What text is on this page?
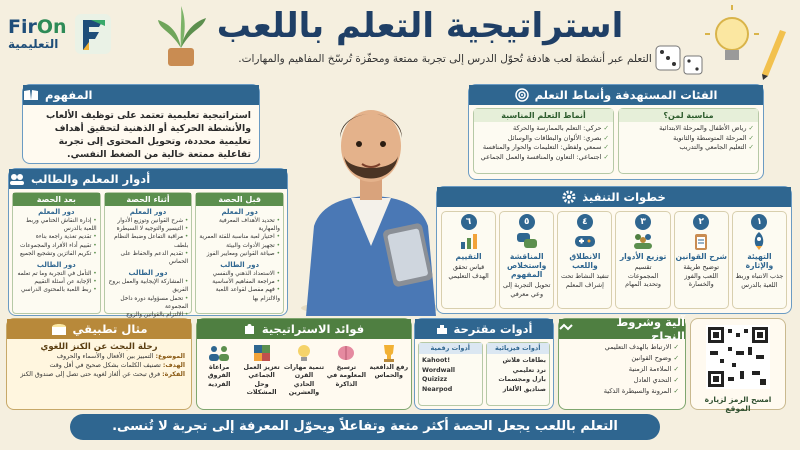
FirOn
التعليمية	استراتيجية التعلم باللعب
التعلم عبر أنشطة لعب هادفة تُحوّل الدرس إلى تجربة ممتعة ومحفّزة تُرسّخ المفاهيم والمهارات.
المفهوم
استراتيجية تعليمية تعتمد على توظيف الألعاب والأنشطة الحركية أو الذهنية لتحقيق أهداف تعليمية محددة، وتحويل المحتوى إلى تجربة تفاعلية ممتعة خالية من الضغط النفسي.
أدوار المعلم والطالب
قبل الحصة
دور المعلم
• تحديد الأهداف المعرفية والمهارية
• اختيار لعبة مناسبة للفئة العمرية
• تجهيز الأدوات والبيئة
• صياغة القوانين ومعايير الفوز
دور الطالب
• الاستعداد الذهني والنفسي
• مراجعة المفاهيم الأساسية
• فهم مفصل لقواعد اللعبة والالتزام بها
أثناء الحصة
دور المعلم
• شرح القوانين وتوزيع الأدوار
• التيسير والتوجيه لا السيطرة
• مراقبة التفاعل وضبط النظام بلطف
• تقديم الدعم والحفاظ على الحماس
دور الطالب
• المشاركة الإيجابية والعمل بروح الفريق
• تحمل مسؤولية دوره داخل المجموعة
• الالتزام بالقوانين والروح
بعد الحصة
دور المعلم
• إدارة النقاش الختامي وربط اللعبة بالدرس
• تقديم تغذية راجعة بناءة
• تقييم أداء الأفراد والمجموعات
• تكريم الفائزين وتشجيع الجميع
دور الطالب
• التأمل في التجربة وما تم تعلمه
• الإجابة عن أسئلة التقييم
• ربط اللعبة بالمحتوى الدراسي
الفئات المستهدفة وأنماط التعلم
مناسبة لمن؟
✓ رياض الأطفال والمرحلة الابتدائية
✓ المرحلة المتوسطة والثانوية
✓ التعليم الجامعي والتدريب
أنماط التعلم المناسبة
✓ حركي: التعلم بالممارسة والحركة
✓ بصري: الألوان والبطاقات والوسائل
✓ سمعي ولفظي: التعليمات والحوار والمنافسة
✓ اجتماعي: التعاون والمنافسة والعمل الجماعي
خطوات التنفيذ
١
التهيئة والإثارة
جذب الانتباه وربط اللعبة بالدرس
٢
شرح القوانين
توضيح طريقة اللعب والفوز والخسارة
٣
توزيع الأدوار
تقسيم المجموعات وتحديد المهام
٤
الانطلاق واللعب
تنفيذ النشاط تحت إشراف المعلم
٥
المناقشة واستخلاص المفهوم
تحويل التجربة إلى وعي معرفي
٦
التقييم
قياس تحقق الهدف التعليمي
مثال تطبيقي
رحلة البحث عن الكنز اللغوي
الموضوع: التمييز بين الأفعال والأسماء والحروف
الهدف: تصنيف الكلمات بشكل صحيح في أقل وقت
الفكرة: فرق تبحث عن ألغاز لغوية حتى تصل إلى صندوق الكنز
فوائد الاستراتيجية
رفع الدافعية والحماس
ترسيخ المعلومة في الذاكرة
تنمية مهارات القرن الحادي والعشرين
تعزيز العمل الجماعي وحل المشكلات
مراعاة الفروق الفردية
أدوات مقترحة
أدوات فيزيائية
بطاقات فلاش
نرد تعليمي
بازل ومجسمات
صناديق الألغاز
أدوات رقمية
Kahoot!
Wordwall
Quizizz
Nearpod
آلية وشروط النجاح
✓ الارتباط بالهدف التعليمي
✓ وضوح القوانين
✓ الملاءمة الزمنية
✓ التحدي العادل
✓ المرونة والسيطرة الذكية
امسح الرمز لزيارة الموقع
التعلم باللعب يجعل الحصة أكثر متعة وتفاعلاً ويحوّل المعرفة إلى تجربة لا تُنسى.
